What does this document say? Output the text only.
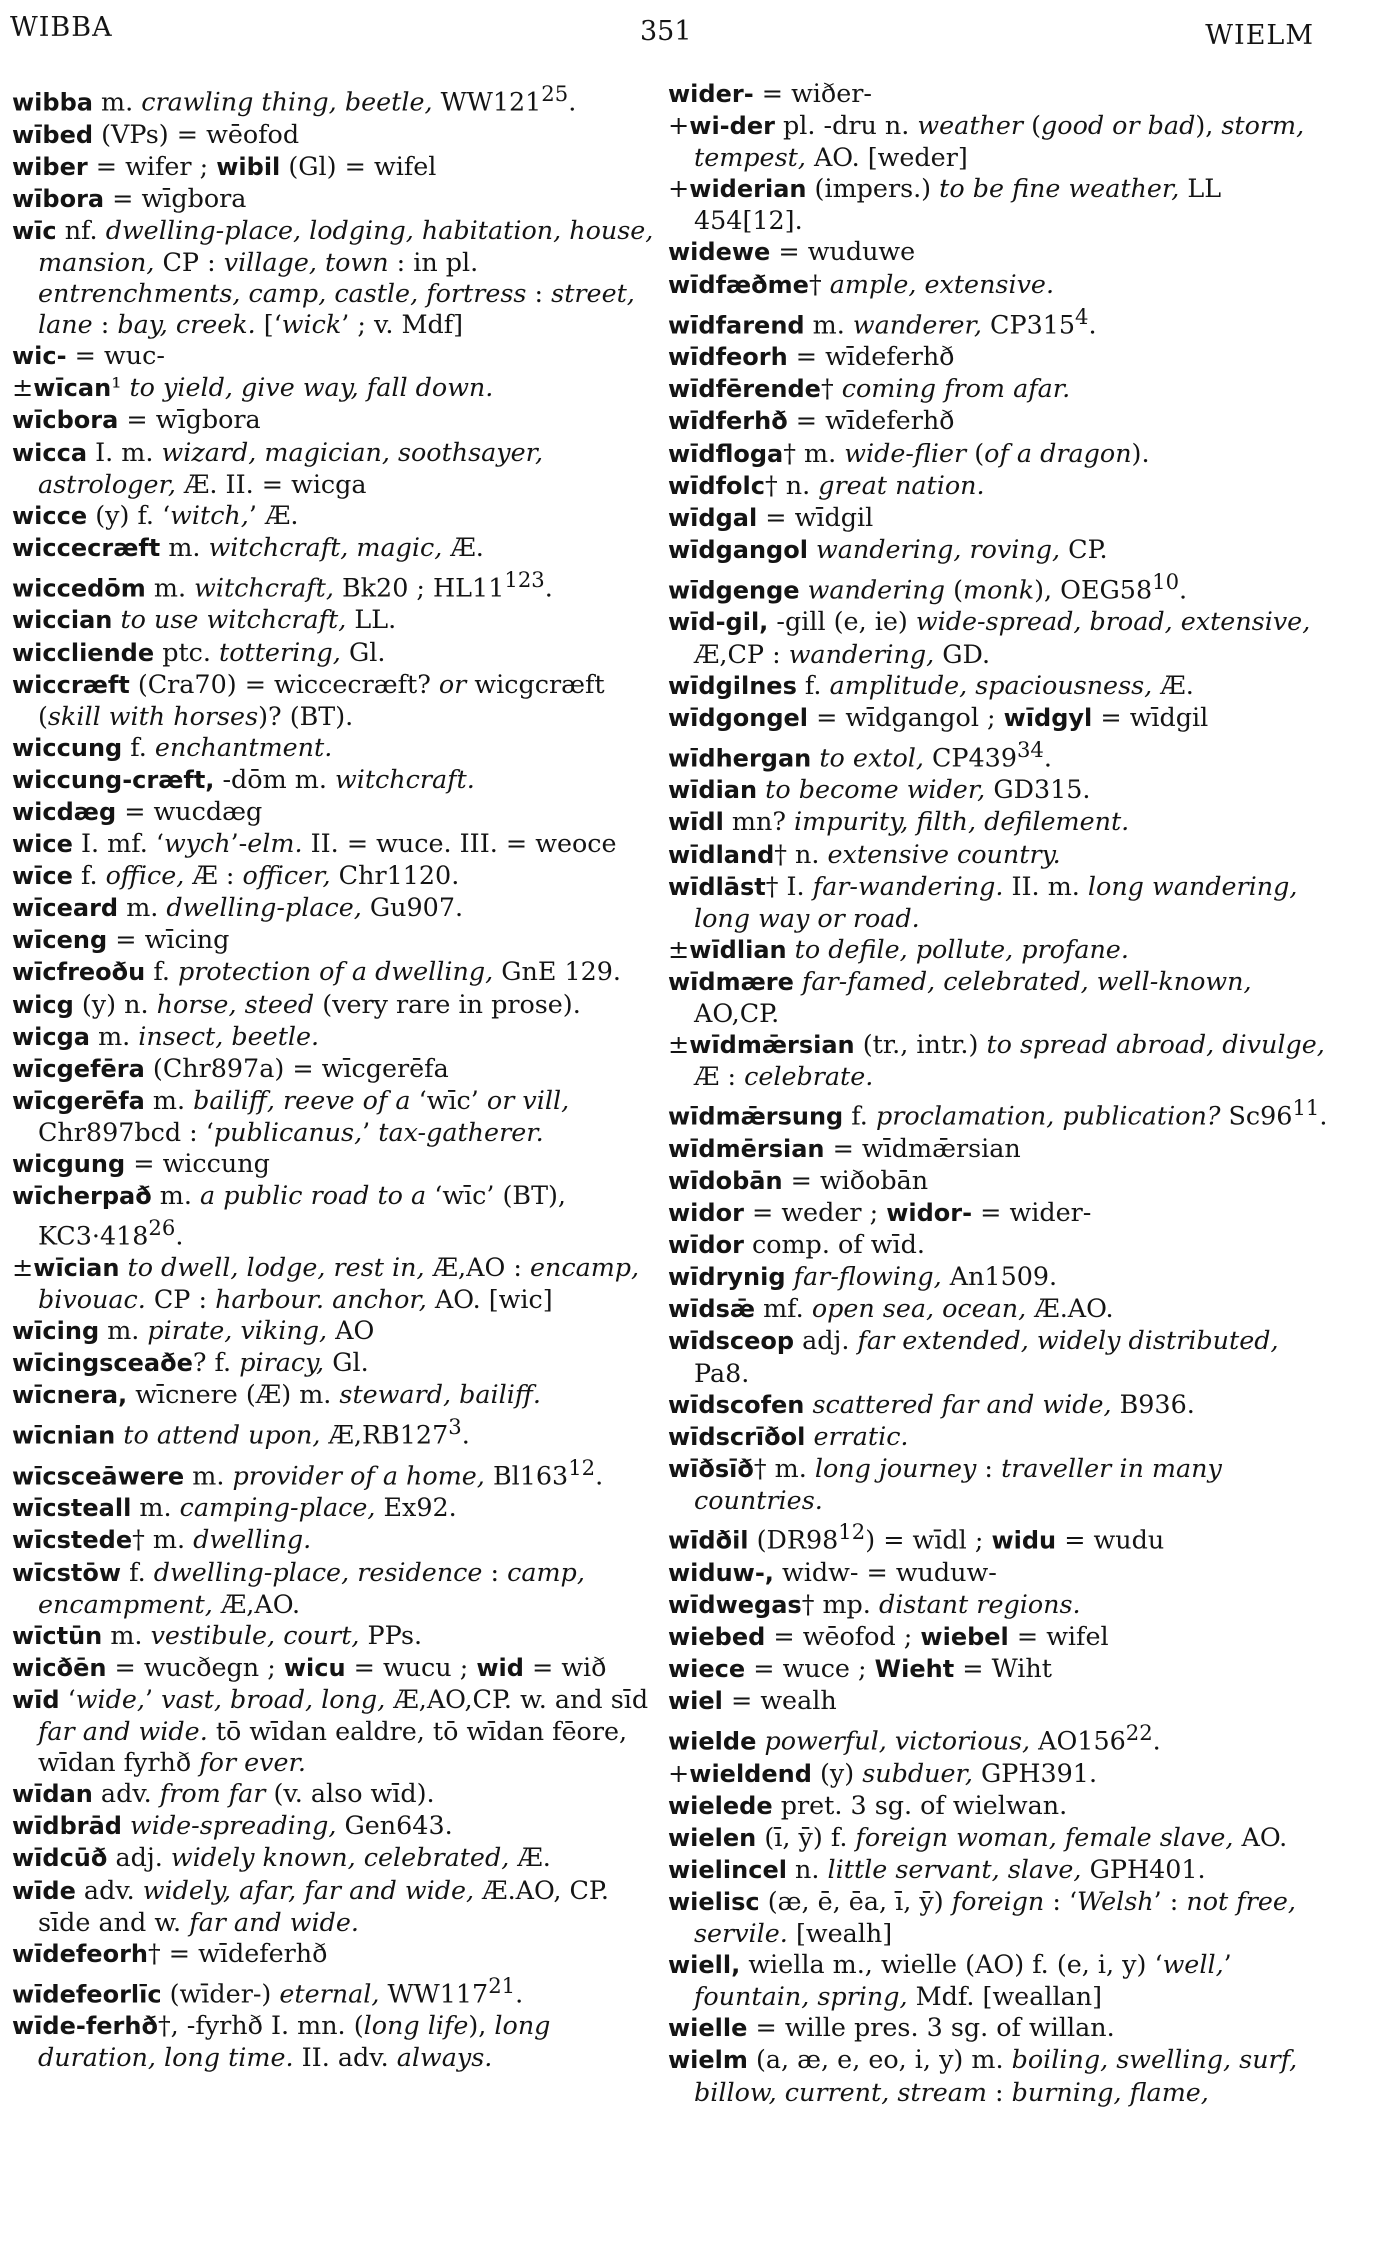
WIBBA	351	WIELM

wibba m. crawling thing, beetle, $WW121^{25}$.

wībed (VPs) = wēofod

wiber = wifer ; wibil (Gl) = wifel

wībora = wīgbora

wīc nf. dwelling-place, lodging, habitation, house, mansion, CP : village, town : in pl. entrenchments, camp, castle, fortress : street, lane : bay, creek. [‘wick’ ; v. Mdf]

wic- = wuc-

±wīcan¹ to yield, give way, fall down.

wīcbora = wīgbora

wicca I. m. wizard, magician, soothsayer, astrologer, Æ. II. = wicga

wicce (y) f. ‘witch,’ Æ.

wiccecræft m. witchcraft, magic, Æ.

wiccedōm m. witchcraft, Bk20 ; $HL11^{123}$.

wiccian to use witchcraft, LL.

wiccliende ptc. tottering, Gl.

wiccræft (Cra70) = wiccecræft? or wicgcræft (skill with horses)? (BT).

wiccung f. enchantment.

wiccung-cræft, -dōm m. witchcraft.

wicdæg = wucdæg

wice I. mf. ‘wych’-elm. II. = wuce. III. = weoce

wīce f. office, Æ : officer, Chr1120.

wīceard m. dwelling-place, Gu907.

wīceng = wīcing

wīcfreoðu f. protection of a dwelling, GnE 129.

wicg (y) n. horse, steed (very rare in prose).

wicga m. insect, beetle.

wīcgefēra (Chr897a) = wīcgerēfa

wīcgerēfa m. bailiff, reeve of a ‘wīc’ or vill, Chr897bcd : ‘publicanus,’ tax-gatherer.

wicgung = wiccung

wīcherpað m. a public road to a ‘wīc’ (BT), $KC3\cdot 418^{26}$.

±wīcian to dwell, lodge, rest in, Æ,AO : encamp, bivouac. CP : harbour. anchor, AO. [wic]

wīcing m. pirate, viking, AO

wīcingsceaðe? f. piracy, Gl.

wīcnera, wīcnere (Æ) m. steward, bailiff.

wīcnian to attend upon, $Æ,RB127^3$.

wīcsceāwere m. provider of a home, $Bl163^{12}$.

wīcsteall m. camping-place, Ex92.

wīcstede† m. dwelling.

wīcstōw f. dwelling-place, residence : camp, encampment, Æ,AO.

wīctūn m. vestibule, court, PPs.

wicðēn = wucðegn ; wicu = wucu ; wid = wið

wīd ‘wide,’ vast, broad, long, Æ,AO,CP. w. and sīd far and wide. tō wīdan ealdre, tō wīdan fēore, wīdan fyrhð for ever.

wīdan adv. from far (v. also wīd).

wīdbrād wide-spreading, Gen643.

wīdcūð adj. widely known, celebrated, Æ.

wīde adv. widely, afar, far and wide, Æ.AO, CP. sīde and w. far and wide.

wīdefeorh† = wīdeferhð

wīdefeorlīc (wīder-) eternal, $WW117^{21}$.

wīde-ferhð†, -fyrhð I. mn. (long life), long duration, long time. II. adv. always.

wider- = wiðer-

+wi-der pl. -dru n. weather (good or bad), storm, tempest, AO. [weder]

+widerian (impers.) to be fine weather, LL 454[12].

widewe = wuduwe

wīdfæðme† ample, extensive.

wīdfarend m. wanderer, $CP315^4$.

wīdfeorh = wīdeferhð

wīdfērende† coming from afar.

wīdferhð = wīdeferhð

wīdfloga† m. wide-flier (of a dragon).

wīdfolc† n. great nation.

wīdgal = wīdgil

wīdgangol wandering, roving, CP.

wīdgenge wandering (monk), $OEG58^{10}$.

wīd-gil, -gill (e, ie) wide-spread, broad, extensive, Æ,CP : wandering, GD.

wīdgilnes f. amplitude, spaciousness, Æ.

wīdgongel = wīdgangol ; wīdgyl = wīdgil

wīdhergan to extol, $CP439^{34}$.

wīdian to become wider, GD315.

wīdl mn? impurity, filth, defilement.

wīdland† n. extensive country.

wīdlāst† I. far-wandering. II. m. long wandering, long way or road.

±wīdlian to defile, pollute, profane.

wīdmære far-famed, celebrated, well-known, AO,CP.

±wīdmǣrsian (tr., intr.) to spread abroad, divulge, Æ : celebrate.

wīdmǣrsung f. proclamation, publication? $Sc96^{11}$.

wīdmērsian = wīdmǣrsian

wīdobān = wiðobān

widor = weder ; widor- = wider-

wīdor comp. of wīd.

wīdrynig far-flowing, An1509.

wīdsǣ mf. open sea, ocean, Æ.AO.

wīdsceop adj. far extended, widely distributed, Pa8.

wīdscofen scattered far and wide, B936.

wīdscrīðol erratic.

wīðsīð† m. long journey : traveller in many countries.

wīdðil $(DR98^{12})$ = wīdl ; widu = wudu

widuw-, widw- = wuduw-

wīdwegas† mp. distant regions.

wiebed = wēofod ; wiebel = wifel

wiece = wuce ; Wieht = Wiht

wiel = wealh

wielde powerful, victorious, $AO156^{22}$.

+wieldend (y) subduer, GPH391.

wielede pret. 3 sg. of wielwan.

wielen (ī, ȳ) f. foreign woman, female slave, AO.

wielincel n. little servant, slave, GPH401.

wielisc (æ, ē, ēa, ī, ȳ) foreign : ‘Welsh’ : not free, servile. [wealh]

wiell, wiella m., wielle (AO) f. (e, i, y) ‘well,’ fountain, spring, Mdf. [weallan]

wielle = wille pres. 3 sg. of willan.

wielm (a, æ, e, eo, i, y) m. boiling, swelling, surf, billow, current, stream : burning, flame,
